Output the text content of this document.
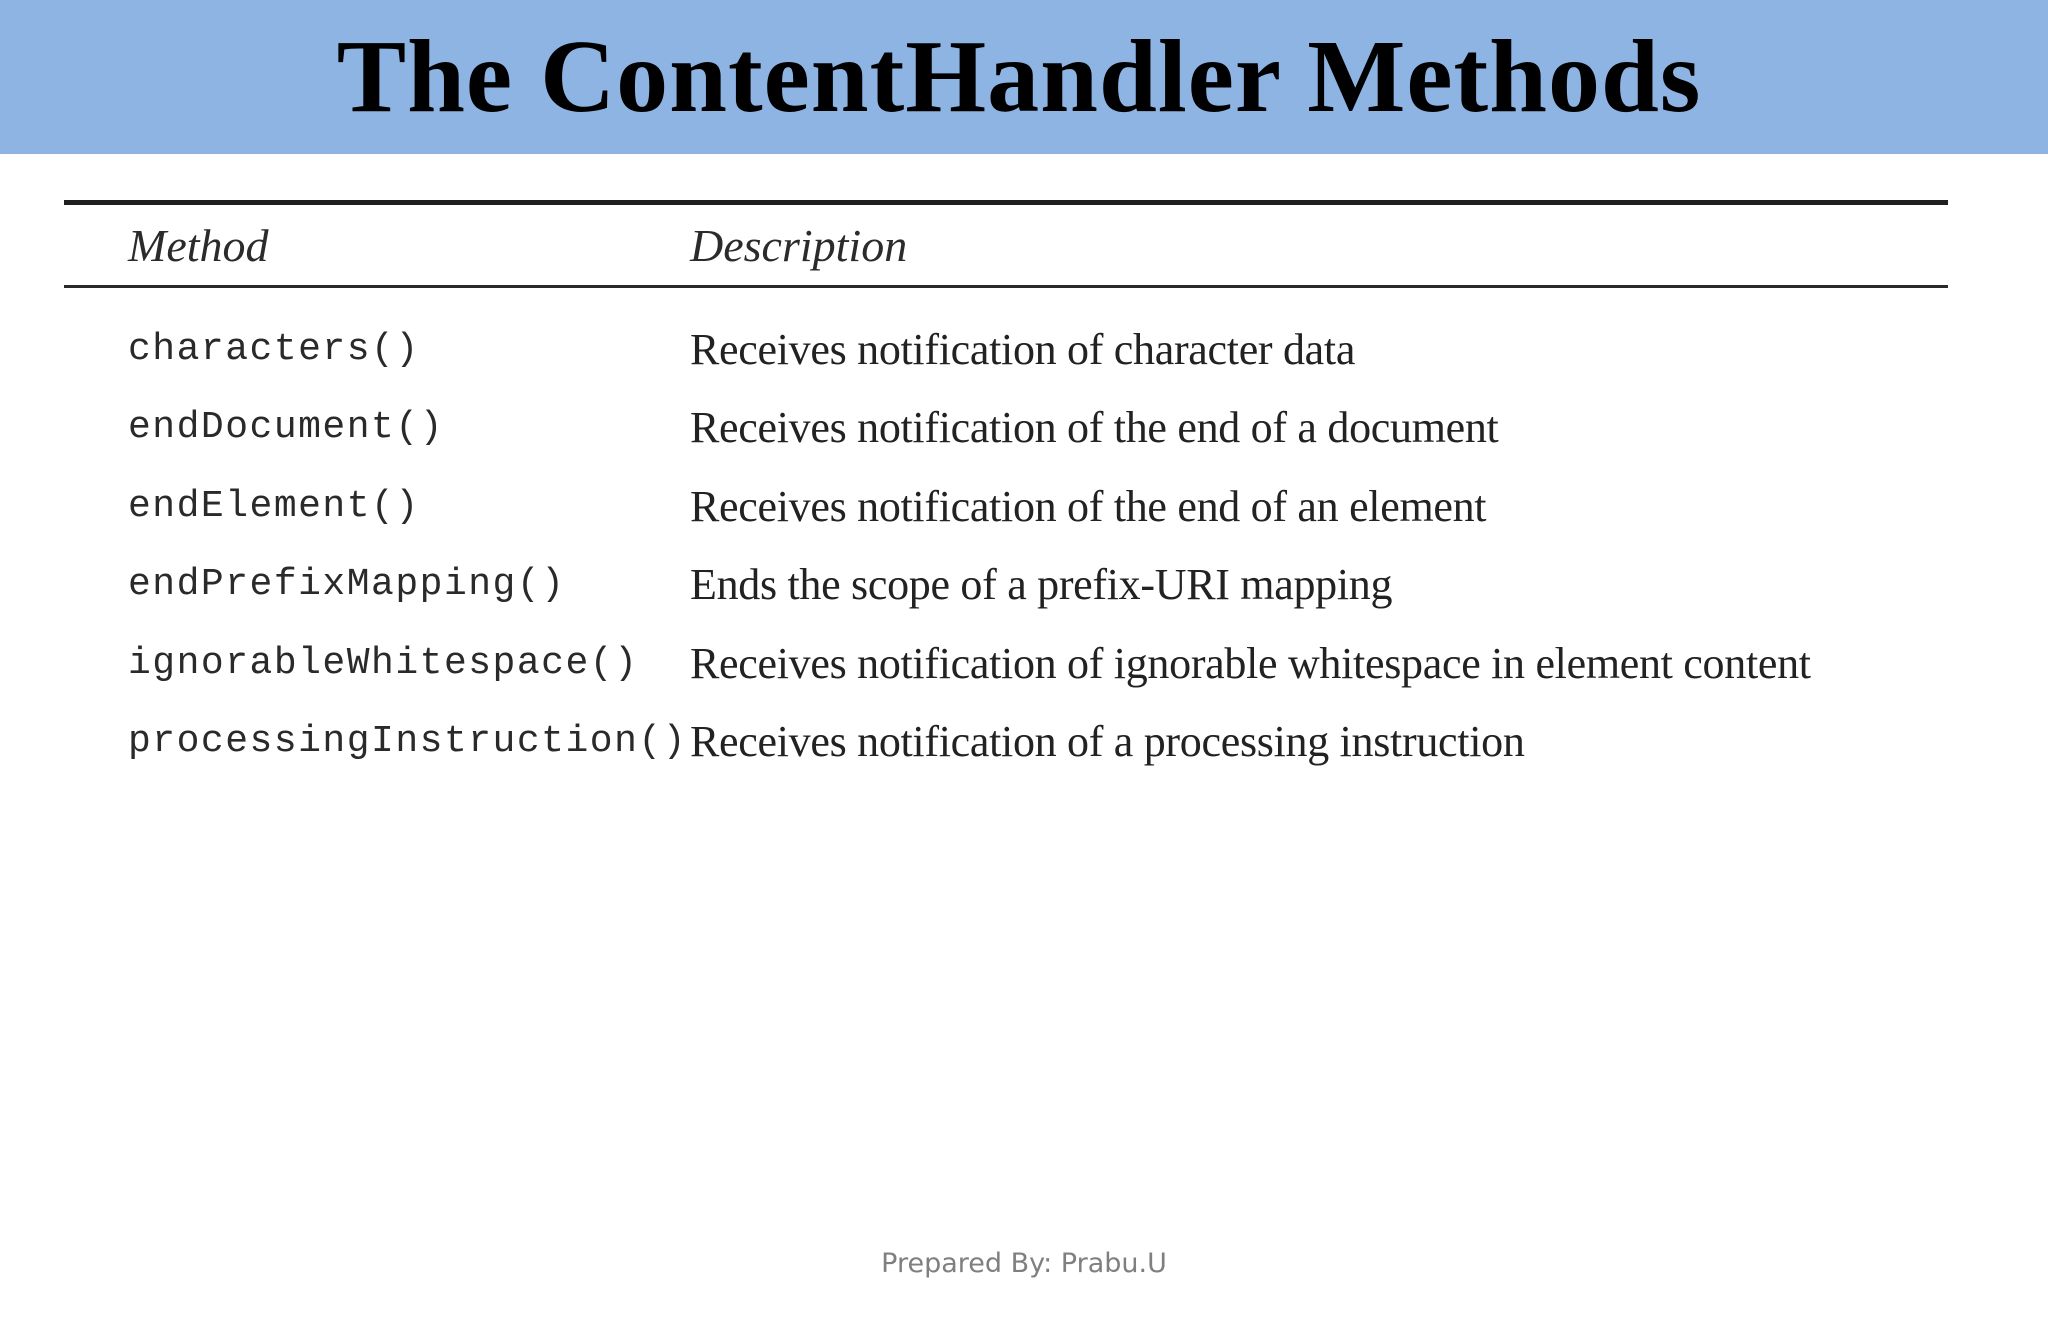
The ContentHandler Methods
Method	Description
characters()	Receives notification of character data
endDocument()	Receives notification of the end of a document
endElement()	Receives notification of the end of an element
endPrefixMapping()	Ends the scope of a prefix-URI mapping
ignorableWhitespace()	Receives notification of ignorable whitespace in element content
processingInstruction() Receives notification of a processing instruction
Prepared By: Prabu.U
